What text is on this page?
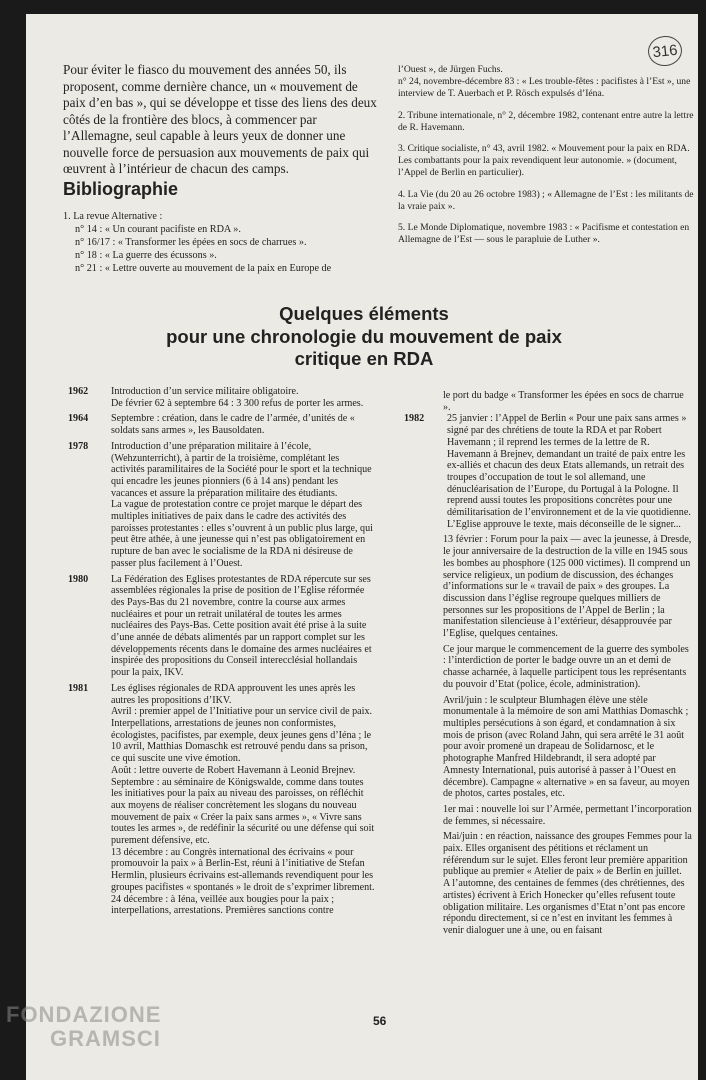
316

Pour éviter le fiasco du mouvement des années 50, ils proposent, comme dernière chance, un « mouvement de paix d’en bas », qui se développe et tisse des liens des deux côtés de la frontière des blocs, à commencer par l’Allemagne, seul capable à leurs yeux de donner une nouvelle force de persuasion aux mouvements de paix qui œuvrent à l’intérieur de chacun des camps.

Bibliographie
1. La revue Alternative :
n° 14 : « Un courant pacifiste en RDA ».
n° 16/17 : « Transformer les épées en socs de charrues ».
n° 18 : « La guerre des écussons ».
n° 21 : « Lettre ouverte au mouvement de la paix en Europe de

l’Ouest », de Jürgen Fuchs.
n° 24, novembre-décembre 83 : « Les trouble-fêtes : pacifistes à l’Est », une interview de T. Auerbach et P. Rösch expulsés d’Iéna.

2. Tribune internationale, n° 2, décembre 1982, contenant entre autre la lettre de R. Havemann.

3. Critique socialiste, n° 43, avril 1982. « Mouvement pour la paix en RDA. Les combattants pour la paix revendiquent leur autonomie. » (document, l’Appel de Berlin en particulier).

4. La Vie (du 20 au 26 octobre 1983) ; « Allemagne de l’Est : les militants de la vraie paix ».

5. Le Monde Diplomatique, novembre 1983 : « Pacifisme et contestation en Allemagne de l’Est — sous le parapluie de Luther ».

Quelques éléments
pour une chronologie du mouvement de paix
critique en RDA
1962	Introduction d’un service militaire obligatoire.
De février 62 à septembre 64 : 3 300 refus de porter les armes.
1964	Septembre : création, dans le cadre de l’armée, d’unités de « soldats sans armes », les Bausoldaten.
1978	Introduction d’une préparation militaire à l’école, (Wehzunterricht), à partir de la troisième, complétant les activités paramilitaires de la Société pour le sport et la technique qui encadre les jeunes pionniers (6 à 14 ans) pendant les vacances et assure la préparation militaire des étudiants.
La vague de protestation contre ce projet marque le départ des multiples initiatives de paix dans le cadre des activités des paroisses protestantes : elles s’ouvrent à un public plus large, qui peut être athée, à une jeunesse qui n’est pas obligatoirement en rupture de ban avec le socialisme de la RDA ni désireuse de passer plus facilement à l’Ouest.
1980	La Fédération des Eglises protestantes de RDA répercute sur ses assemblées régionales la prise de position de l’Eglise réformée des Pays-Bas du 21 novembre, contre la course aux armes nucléaires et pour un retrait unilatéral de toutes les armes nucléaires des Pays-Bas. Cette position avait été prise à la suite d’une année de débats alimentés par un rapport complet sur les développements récents dans le domaine des armes nucléaires et inspirée des propositions du Conseil interecclésial hollandais pour la paix, IKV.
1981	Les églises régionales de RDA approuvent les unes après les autres les propositions d’IKV.
Avril : premier appel de l’Initiative pour un service civil de paix. Interpellations, arrestations de jeunes non conformistes, écologistes, pacifistes, par exemple, deux jeunes gens d’Iéna ; le 10 avril, Matthias Domaschk est retrouvé pendu dans sa prison, ce qui suscite une vive émotion.
Août : lettre ouverte de Robert Havemann à Leonid Brejnev.
Septembre : au séminaire de Königswalde, comme dans toutes les initiatives pour la paix au niveau des paroisses, on réfléchit aux moyens de réaliser concrètement les slogans du nouveau mouvement de paix « Créer la paix sans armes », « Vivre sans toutes les armes », de redéfinir la sécurité ou une défense qui soit purement défensive, etc.
13 décembre : au Congrès international des écrivains « pour promouvoir la paix » à Berlin-Est, réuni à l’initiative de Stefan Hermlin, plusieurs écrivains est-allemands revendiquent pour les groupes pacifistes « spontanés » le droit de s’exprimer librement.
24 décembre : à Iéna, veillée aux bougies pour la paix ; interpellations, arrestations. Premières sanctions contre

le port du badge « Transformer les épées en socs de charrue ».

1982	25 janvier : l’Appel de Berlin « Pour une paix sans armes » signé par des chrétiens de toute la RDA et par Robert Havemann ; il reprend les termes de la lettre de R. Havemann à Brejnev, demandant un traité de paix entre les ex-alliés et chacun des deux Etats allemands, un retrait des troupes d’occupation de tout le sol allemand, une dénucléarisation de l’Europe, du Portugal à la Pologne. Il reprend aussi toutes les propositions concrètes pour une démilitarisation de l’environnement et de la vie quotidienne.
L’Eglise approuve le texte, mais déconseille de le signer...

13 février : Forum pour la paix — avec la jeunesse, à Dresde, le jour anniversaire de la destruction de la ville en 1945 sous les bombes au phosphore (125 000 victimes). Il comprend un service religieux, un podium de discussion, des échanges d’informations sur le « travail de paix » des groupes. La discussion dans l’église regroupe quelques milliers de personnes sur les propositions de l’Appel de Berlin ; la manifestation silencieuse à l’extérieur, désapprouvée par l’Eglise, quelques centaines.

Ce jour marque le commencement de la guerre des symboles : l’interdiction de porter le badge ouvre un an et demi de chasse acharnée, à laquelle participent tous les représentants du pouvoir d’Etat (police, école, administration).

Avril/juin : le sculpteur Blumhagen élève une stèle monumentale à la mémoire de son ami Matthias Domaschk ; multiples persécutions à son égard, et condamnation à six mois de prison (avec Roland Jahn, qui sera arrêté le 31 août pour avoir promené un drapeau de Solidarnosc, et le photographe Manfred Hildebrandt, il sera adopté par Amnesty International, puis autorisé à passer à l’Ouest en décembre). Campagne « alternative » en sa faveur, au moyen de photos, cartes postales, etc.

1er mai : nouvelle loi sur l’Armée, permettant l’incorporation de femmes, si nécessaire.

Mai/juin : en réaction, naissance des groupes Femmes pour la paix. Elles organisent des pétitions et réclament un référendum sur le sujet. Elles feront leur première apparition publique au premier « Atelier de paix » de Berlin en juillet.

A l’automne, des centaines de femmes (des chrétiennes, des artistes) écrivent à Erich Honecker qu’elles refusent toute obligation militaire. Les organismes d’Etat n’ont pas encore répondu directement, si ce n’est en invitant les femmes à venir dialoguer une à une, ou en faisant

56
FONDAZIONE
GRAMSCI
